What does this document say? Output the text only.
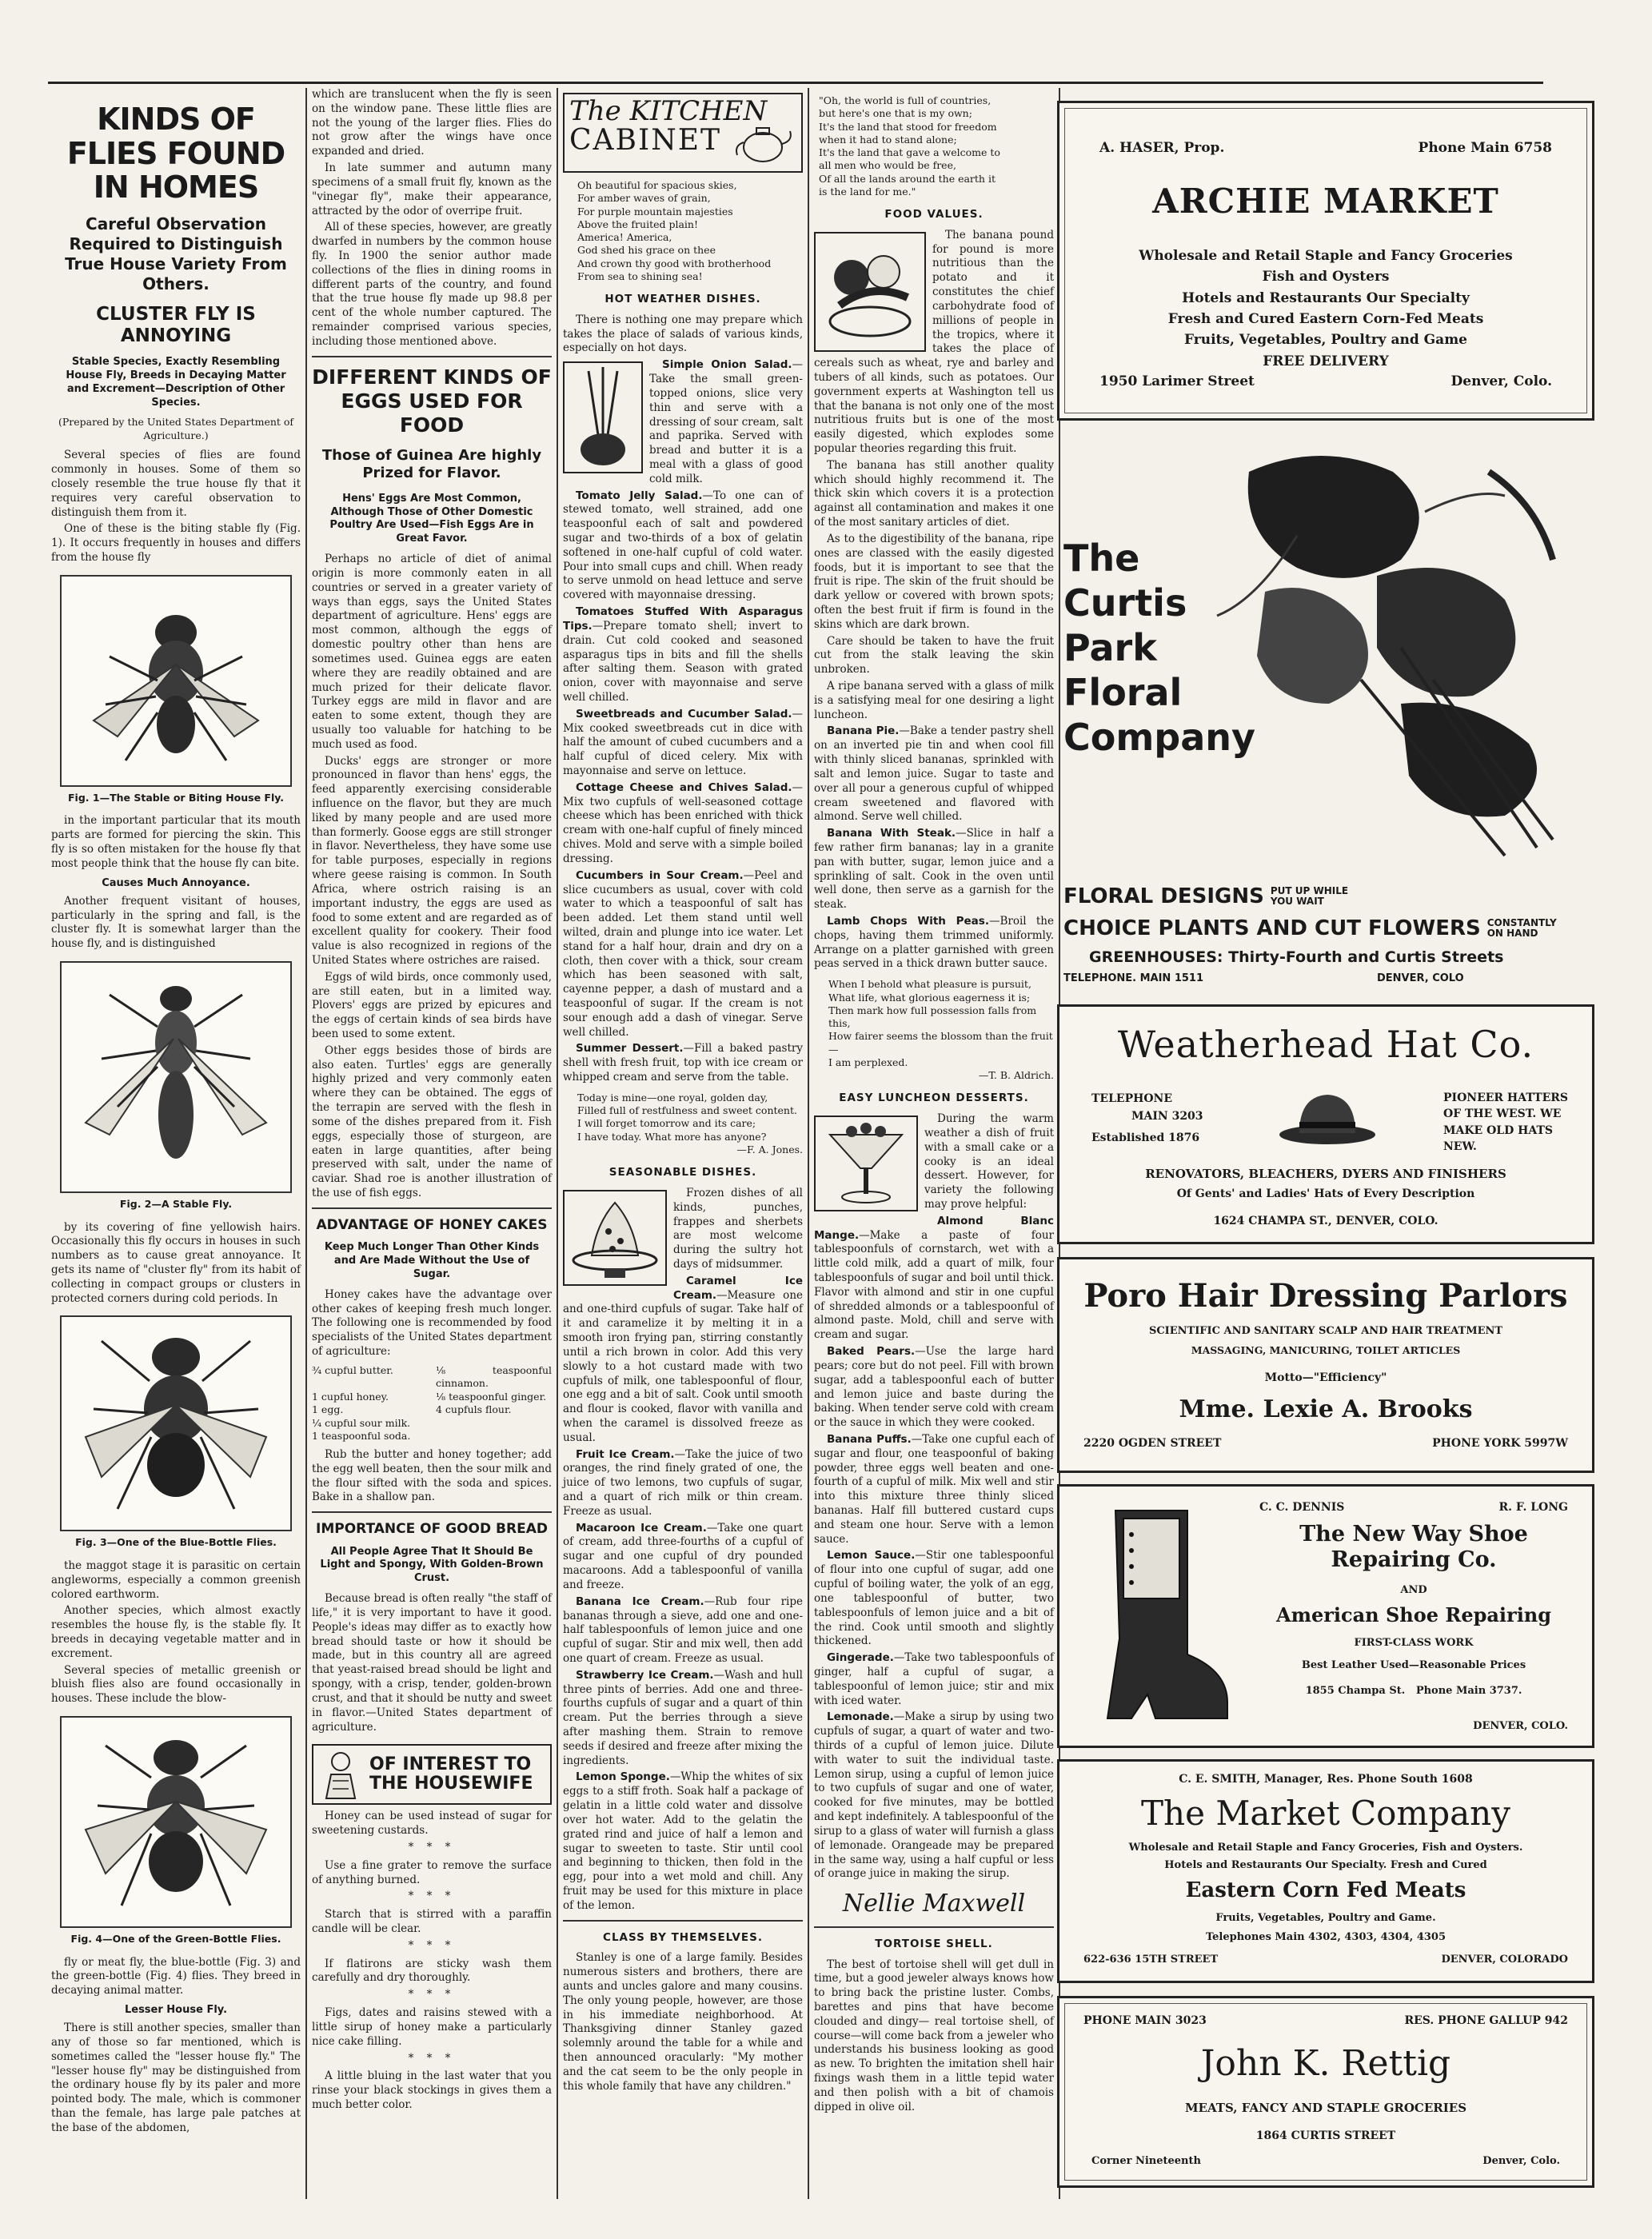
KINDS OF FLIES FOUND IN HOMES
Careful Observation Required to Distinguish True House Variety From Others.
CLUSTER FLY IS ANNOYING
Stable Species, Exactly Resembling House Fly, Breeds in Decaying Matter and Excrement—Description of Other Species.
(Prepared by the United States Department of Agriculture.)

Several species of flies are found commonly in houses. Some of them so closely resemble the true house fly that it requires very careful observation to distinguish them from it.

One of these is the biting stable fly (Fig. 1). It occurs frequently in houses and differs from the house fly

Fig. 1—The Stable or Biting House Fly.

in the important particular that its mouth parts are formed for piercing the skin. This fly is so often mistaken for the house fly that most people think that the house fly can bite.

Causes Much Annoyance.

Another frequent visitant of houses, particularly in the spring and fall, is the cluster fly. It is somewhat larger than the house fly, and is distinguished

Fig. 2—A Stable Fly.

by its covering of fine yellowish hairs. Occasionally this fly occurs in houses in such numbers as to cause great annoyance. It gets its name of "cluster fly" from its habit of collecting in compact groups or clusters in protected corners during cold periods. In

Fig. 3—One of the Blue-Bottle Flies.

the maggot stage it is parasitic on certain angleworms, especially a common greenish colored earthworm.

Another species, which almost exactly resembles the house fly, is the stable fly. It breeds in decaying vegetable matter and in excrement.

Several species of metallic greenish or bluish flies also are found occasionally in houses. These include the blow-

Fig. 4—One of the Green-Bottle Flies.

fly or meat fly, the blue-bottle (Fig. 3) and the green-bottle (Fig. 4) flies. They breed in decaying animal matter.

Lesser House Fly.

There is still another species, smaller than any of those so far mentioned, which is sometimes called the "lesser house fly." The "lesser house fly" may be distinguished from the ordinary house fly by its paler and more pointed body. The male, which is commoner than the female, has large pale patches at the base of the abdomen,

which are translucent when the fly is seen on the window pane. These little flies are not the young of the larger flies. Flies do not grow after the wings have once expanded and dried.

In late summer and autumn many specimens of a small fruit fly, known as the "vinegar fly", make their appearance, attracted by the odor of overripe fruit.

All of these species, however, are greatly dwarfed in numbers by the common house fly. In 1900 the senior author made collections of the flies in dining rooms in different parts of the country, and found that the true house fly made up 98.8 per cent of the whole number captured. The remainder comprised various species, including those mentioned above.

DIFFERENT KINDS OF EGGS USED FOR FOOD
Those of Guinea Are highly Prized for Flavor.
Hens' Eggs Are Most Common, Although Those of Other Domestic Poultry Are Used—Fish Eggs Are in Great Favor.

Perhaps no article of diet of animal origin is more commonly eaten in all countries or served in a greater variety of ways than eggs, says the United States department of agriculture. Hens' eggs are most common, although the eggs of domestic poultry other than hens are sometimes used. Guinea eggs are eaten where they are readily obtained and are much prized for their delicate flavor. Turkey eggs are mild in flavor and are eaten to some extent, though they are usually too valuable for hatching to be much used as food.

Ducks' eggs are stronger or more pronounced in flavor than hens' eggs, the feed apparently exercising considerable influence on the flavor, but they are much liked by many people and are used more than formerly. Goose eggs are still stronger in flavor. Nevertheless, they have some use for table purposes, especially in regions where geese raising is common. In South Africa, where ostrich raising is an important industry, the eggs are used as food to some extent and are regarded as of excellent quality for cookery. Their food value is also recognized in regions of the United States where ostriches are raised.

Eggs of wild birds, once commonly used, are still eaten, but in a limited way. Plovers' eggs are prized by epicures and the eggs of certain kinds of sea birds have been used to some extent.

Other eggs besides those of birds are also eaten. Turtles' eggs are generally highly prized and very commonly eaten where they can be obtained. The eggs of the terrapin are served with the flesh in some of the dishes prepared from it. Fish eggs, especially those of sturgeon, are eaten in large quantities, after being preserved with salt, under the name of caviar. Shad roe is another illustration of the use of fish eggs.

ADVANTAGE OF HONEY CAKES
Keep Much Longer Than Other Kinds and Are Made Without the Use of Sugar.

Honey cakes have the advantage over other cakes of keeping fresh much longer. The following one is recommended by food specialists of the United States department of agriculture:

¾ cupful butter.	⅛ teaspoonful cinnamon.
1 cupful honey.	⅛ teaspoonful ginger.
1 egg.	4 cupfuls flour.
¼ cupful sour milk.
1 teaspoonful soda.

Rub the butter and honey together; add the egg well beaten, then the sour milk and the flour sifted with the soda and spices. Bake in a shallow pan.

IMPORTANCE OF GOOD BREAD
All People Agree That It Should Be Light and Spongy, With Golden-Brown Crust.

Because bread is often really "the staff of life," it is very important to have it good. People's ideas may differ as to exactly how bread should taste or how it should be made, but in this country all are agreed that yeast-raised bread should be light and spongy, with a crisp, tender, golden-brown crust, and that it should be nutty and sweet in flavor.—United States department of agriculture.

OF INTEREST TO THE HOUSEWIFE

Honey can be used instead of sugar for sweetening custards.

* * *

Use a fine grater to remove the surface of anything burned.

* * *

Starch that is stirred with a paraffin candle will be clear.

* * *

If flatirons are sticky wash them carefully and dry thoroughly.

* * *

Figs, dates and raisins stewed with a little sirup of honey make a particularly nice cake filling.

* * *

A little bluing in the last water that you rinse your black stockings in gives them a much better color.

The KITCHEN
CABINET
Oh beautiful for spacious skies,
For amber waves of grain,
For purple mountain majesties
Above the fruited plain!
America! America,
God shed his grace on thee
And crown thy good with brotherhood
From sea to shining sea!
HOT WEATHER DISHES.

There is nothing one may prepare which takes the place of salads of various kinds, especially on hot days.

Simple Onion Salad.—Take the small green-topped onions, slice very thin and serve with a dressing of sour cream, salt and paprika. Served with bread and butter it is a meal with a glass of good cold milk.

Tomato Jelly Salad.—To one can of stewed tomato, well strained, add one teaspoonful each of salt and powdered sugar and two-thirds of a box of gelatin softened in one-half cupful of cold water. Pour into small cups and chill. When ready to serve unmold on head lettuce and serve covered with mayonnaise dressing.

Tomatoes Stuffed With Asparagus Tips.—Prepare tomato shell; invert to drain. Cut cold cooked and seasoned asparagus tips in bits and fill the shells after salting them. Season with grated onion, cover with mayonnaise and serve well chilled.

Sweetbreads and Cucumber Salad.—Mix cooked sweetbreads cut in dice with half the amount of cubed cucumbers and a half cupful of diced celery. Mix with mayonnaise and serve on lettuce.

Cottage Cheese and Chives Salad.—Mix two cupfuls of well-seasoned cottage cheese which has been enriched with thick cream with one-half cupful of finely minced chives. Mold and serve with a simple boiled dressing.

Cucumbers in Sour Cream.—Peel and slice cucumbers as usual, cover with cold water to which a teaspoonful of salt has been added. Let them stand until well wilted, drain and plunge into ice water. Let stand for a half hour, drain and dry on a cloth, then cover with a thick, sour cream which has been seasoned with salt, cayenne pepper, a dash of mustard and a teaspoonful of sugar. If the cream is not sour enough add a dash of vinegar. Serve well chilled.

Summer Dessert.—Fill a baked pastry shell with fresh fruit, top with ice cream or whipped cream and serve from the table.

Today is mine—one royal, golden day,
Filled full of restfulness and sweet content.
I will forget tomorrow and its care;
I have today. What more has anyone?
—F. A. Jones.
SEASONABLE DISHES.

Frozen dishes of all kinds, punches, frappes and sherbets are most welcome during the sultry hot days of midsummer.

Caramel Ice Cream.—Measure one and one-third cupfuls of sugar. Take half of it and caramelize it by melting it in a smooth iron frying pan, stirring constantly until a rich brown in color. Add this very slowly to a hot custard made with two cupfuls of milk, one tablespoonful of flour, one egg and a bit of salt. Cook until smooth and flour is cooked, flavor with vanilla and when the caramel is dissolved freeze as usual.

Fruit Ice Cream.—Take the juice of two oranges, the rind finely grated of one, the juice of two lemons, two cupfuls of sugar, and a quart of rich milk or thin cream. Freeze as usual.

Macaroon Ice Cream.—Take one quart of cream, add three-fourths of a cupful of sugar and one cupful of dry pounded macaroons. Add a tablespoonful of vanilla and freeze.

Banana Ice Cream.—Rub four ripe bananas through a sieve, add one and one-half tablespoonfuls of lemon juice and one cupful of sugar. Stir and mix well, then add one quart of cream. Freeze as usual.

Strawberry Ice Cream.—Wash and hull three pints of berries. Add one and three-fourths cupfuls of sugar and a quart of thin cream. Put the berries through a sieve after mashing them. Strain to remove seeds if desired and freeze after mixing the ingredients.

Lemon Sponge.—Whip the whites of six eggs to a stiff froth. Soak half a package of gelatin in a little cold water and dissolve over hot water. Add to the gelatin the grated rind and juice of half a lemon and sugar to sweeten to taste. Stir until cool and beginning to thicken, then fold in the egg, pour into a wet mold and chill. Any fruit may be used for this mixture in place of the lemon.

CLASS BY THEMSELVES.

Stanley is one of a large family. Besides numerous sisters and brothers, there are aunts and uncles galore and many cousins. The only young people, however, are those in his immediate neighborhood. At Thanksgiving dinner Stanley gazed solemnly around the table for a while and then announced oracularly: "My mother and the cat seem to be the only people in this whole family that have any children."

"Oh, the world is full of countries,
but here's one that is my own;
It's the land that stood for freedom
when it had to stand alone;
It's the land that gave a welcome to
all men who would be free,
Of all the lands around the earth it
is the land for me."
FOOD VALUES.

The banana pound for pound is more nutritious than the potato and it constitutes the chief carbohydrate food of millions of people in the tropics, where it takes the place of cereals such as wheat, rye and barley and tubers of all kinds, such as potatoes. Our government experts at Washington tell us that the banana is not only one of the most nutritious fruits but is one of the most easily digested, which explodes some popular theories regarding this fruit.

The banana has still another quality which should highly recommend it. The thick skin which covers it is a protection against all contamination and makes it one of the most sanitary articles of diet.

As to the digestibility of the banana, ripe ones are classed with the easily digested foods, but it is important to see that the fruit is ripe. The skin of the fruit should be dark yellow or covered with brown spots; often the best fruit if firm is found in the skins which are dark brown.

Care should be taken to have the fruit cut from the stalk leaving the skin unbroken.

A ripe banana served with a glass of milk is a satisfying meal for one desiring a light luncheon.

Banana Pie.—Bake a tender pastry shell on an inverted pie tin and when cool fill with thinly sliced bananas, sprinkled with salt and lemon juice. Sugar to taste and over all pour a generous cupful of whipped cream sweetened and flavored with almond. Serve well chilled.

Banana With Steak.—Slice in half a few rather firm bananas; lay in a granite pan with butter, sugar, lemon juice and a sprinkling of salt. Cook in the oven until well done, then serve as a garnish for the steak.

Lamb Chops With Peas.—Broil the chops, having them trimmed uniformly. Arrange on a platter garnished with green peas served in a thick drawn butter sauce.

When I behold what pleasure is pursuit,
What life, what glorious eagerness it is;
Then mark how full possession falls from this,
How fairer seems the blossom than the fruit—
I am perplexed.
—T. B. Aldrich.
EASY LUNCHEON DESSERTS.

During the warm weather a dish of fruit with a small cake or a cooky is an ideal dessert. However, for variety the following may prove helpful:

Almond Blanc Mange.—Make a paste of four tablespoonfuls of cornstarch, wet with a little cold milk, add a quart of milk, four tablespoonfuls of sugar and boil until thick. Flavor with almond and stir in one cupful of shredded almonds or a tablespoonful of almond paste. Mold, chill and serve with cream and sugar.

Baked Pears.—Use the large hard pears; core but do not peel. Fill with brown sugar, add a tablespoonful each of butter and lemon juice and baste during the baking. When tender serve cold with cream or the sauce in which they were cooked.

Banana Puffs.—Take one cupful each of sugar and flour, one teaspoonful of baking powder, three eggs well beaten and one-fourth of a cupful of milk. Mix well and stir into this mixture three thinly sliced bananas. Half fill buttered custard cups and steam one hour. Serve with a lemon sauce.

Lemon Sauce.—Stir one tablespoonful of flour into one cupful of sugar, add one cupful of boiling water, the yolk of an egg, one tablespoonful of butter, two tablespoonfuls of lemon juice and a bit of the rind. Cook until smooth and slightly thickened.

Gingerade.—Take two tablespoonfuls of ginger, half a cupful of sugar, a tablespoonful of lemon juice; stir and mix with iced water.

Lemonade.—Make a sirup by using two cupfuls of sugar, a quart of water and two-thirds of a cupful of lemon juice. Dilute with water to suit the individual taste. Lemon sirup, using a cupful of lemon juice to two cupfuls of sugar and one of water, cooked for five minutes, may be bottled and kept indefinitely. A tablespoonful of the sirup to a glass of water will furnish a glass of lemonade. Orangeade may be prepared in the same way, using a half cupful or less of orange juice in making the sirup.

Nellie Maxwell
TORTOISE SHELL.

The best of tortoise shell will get dull in time, but a good jeweler always knows how to bring back the pristine luster. Combs, barettes and pins that have become clouded and dingy— real tortoise shell, of course—will come back from a jeweler who understands his business looking as good as new. To brighten the imitation shell hair fixings wash them in a little tepid water and then polish with a bit of chamois dipped in olive oil.

A. HASER, Prop.	Phone Main 6758
ARCHIE MARKET
Wholesale and Retail Staple and Fancy Groceries
Fish and Oysters
Hotels and Restaurants Our Specialty
Fresh and Cured Eastern Corn-Fed Meats
Fruits, Vegetables, Poultry and Game
FREE DELIVERY
1950 Larimer Street	Denver, Colo.
The
Curtis
Park
Floral
Company
FLORAL DESIGNS PUT UP WHILE
YOU WAIT
CHOICE PLANTS AND CUT FLOWERS CONSTANTLY
ON HAND
GREENHOUSES: Thirty-Fourth and Curtis Streets
TELEPHONE. MAIN 1511	DENVER, COLO
Weatherhead Hat Co.
TELEPHONE
MAIN 3203
Established 1876
PIONEER HATTERS
OF THE WEST. WE
MAKE OLD HATS
NEW.
RENOVATORS, BLEACHERS, DYERS AND FINISHERS
Of Gents' and Ladies' Hats of Every Description
1624 CHAMPA ST., DENVER, COLO.
Poro Hair Dressing Parlors
SCIENTIFIC AND SANITARY SCALP AND HAIR TREATMENT
MASSAGING, MANICURING, TOILET ARTICLES
Motto—"Efficiency"
Mme. Lexie A. Brooks
2220 OGDEN STREET	PHONE YORK 5997W
C. C. DENNIS	R. F. LONG
The New Way Shoe
Repairing Co.
AND
American Shoe Repairing
FIRST-CLASS WORK
Best Leather Used—Reasonable Prices
1855 Champa St.   Phone Main 3737.
DENVER, COLO.
C. E. SMITH, Manager, Res. Phone South 1608
The Market Company
Wholesale and Retail Staple and Fancy Groceries, Fish and Oysters.
Hotels and Restaurants Our Specialty. Fresh and Cured
Eastern Corn Fed Meats
Fruits, Vegetables, Poultry and Game.
Telephones Main 4302, 4303, 4304, 4305
622-636 15TH STREET	DENVER, COLORADO
PHONE MAIN 3023	RES. PHONE GALLUP 942
John K. Rettig
MEATS, FANCY AND STAPLE GROCERIES
1864 CURTIS STREET
Corner Nineteenth	Denver, Colo.
